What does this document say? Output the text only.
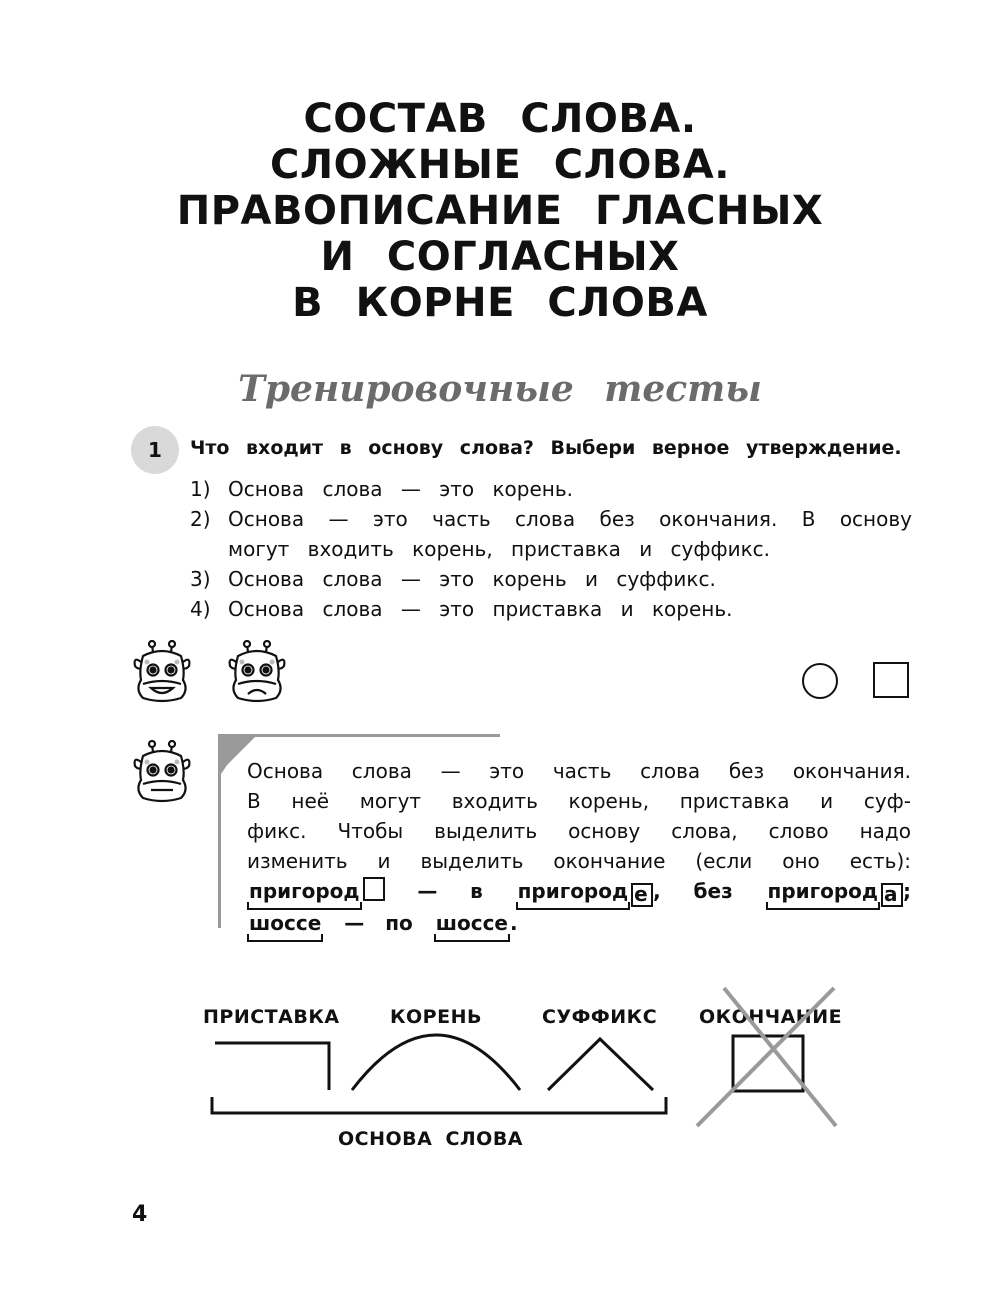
СОСТАВ СЛОВА.
СЛОЖНЫЕ СЛОВА.
ПРАВОПИСАНИЕ ГЛАСНЫХ
И СОГЛАСНЫХ
В КОРНЕ СЛОВА
Тренировочные тесты
1	Что входит в основу слова? Выбери верное утверждение.
1) Основа слова — это корень.
2) Основа — это часть слова без окончания. В основу
могут входить корень, приставка и суффикс.
3) Основа слова — это корень и суффикс.
4) Основа слова — это приставка и корень.
Основа слова — это часть слова без окончания.
В неё могут входить корень, приставка и суф-
фикс. Чтобы выделить основу слова, слово надо
изменить и выделить окончание (если оно есть):
пригород	— в пригород е , без пригород а ;
шоссе — по шоссе .
ПРИСТАВКА	КОРЕНЬ	СУФФИКС ОКОНЧАНИЕ
ОСНОВА СЛОВА
4
